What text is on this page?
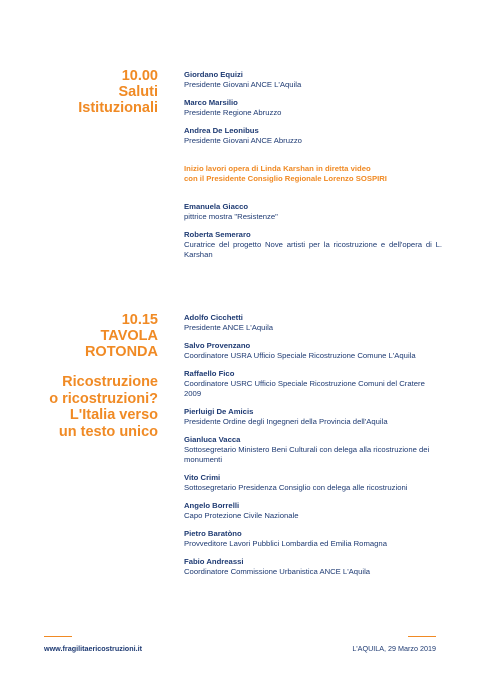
10.00
Saluti
Istituzionali
Giordano Equizi
Presidente Giovani ANCE L'Aquila
Marco Marsilio
Presidente Regione Abruzzo
Andrea De Leonibus
Presidente Giovani ANCE Abruzzo
Inizio lavori opera di Linda Karshan in diretta video
con il Presidente Consiglio Regionale Lorenzo SOSPIRI
Emanuela Giacco
pittrice mostra "Resistenze"
Roberta Semeraro
Curatrice del progetto Nove artisti per la ricostruzione e dell'opera di L. Karshan
10.15
TAVOLA
ROTONDA
Ricostruzione
o ricostruzioni?
L'Italia verso
un testo unico
Adolfo Cicchetti
Presidente ANCE L'Aquila
Salvo Provenzano
Coordinatore USRA Ufficio Speciale Ricostruzione Comune L'Aquila
Raffaello Fico
Coordinatore USRC Ufficio Speciale Ricostruzione Comuni del Cratere 2009
Pierluigi De Amicis
Presidente Ordine degli Ingegneri della Provincia dell'Aquila
Gianluca Vacca
Sottosegretario Ministero Beni Culturali con delega alla ricostruzione dei monumenti
Vito Crimi
Sottosegretario Presidenza Consiglio con delega alle ricostruzioni
Angelo Borrelli
Capo Protezione Civile Nazionale
Pietro Baratòno
Provveditore Lavori Pubblici Lombardia ed Emilia Romagna
Fabio Andreassi
Coordinatore Commissione Urbanistica ANCE L'Aquila
www.fragilitaericostruzioni.it	L'AQUILA, 29 Marzo 2019
